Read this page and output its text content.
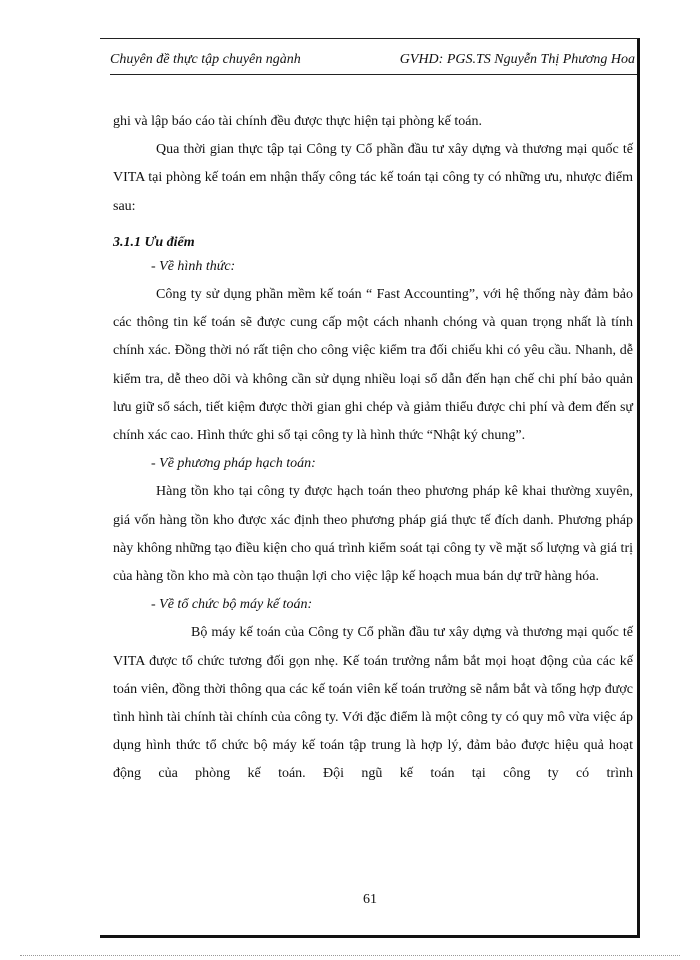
Chuyên đề thực tập chuyên ngành	GVHD: PGS.TS Nguyễn Thị Phương Hoa

ghi và lập báo cáo tài chính đều được thực hiện tại phòng kế toán.

Qua thời gian thực tập tại Công ty Cổ phần đầu tư xây dựng và thương mại quốc tế VITA tại phòng kế toán em nhận thấy công tác kế toán tại công ty có những ưu, nhược điểm sau:

3.1.1 Ưu điểm

- Về hình thức:

Công ty sử dụng phần mềm kế toán “ Fast Accounting”, với hệ thống này đảm bảo các thông tin kế toán sẽ được cung cấp một cách nhanh chóng và quan trọng nhất là tính chính xác. Đồng thời nó rất tiện cho công việc kiểm tra đối chiếu khi có yêu cầu. Nhanh, dễ kiểm tra, dễ theo dõi và không cần sử dụng nhiều loại sổ dẫn đến hạn chế chi phí bảo quản lưu giữ sổ sách, tiết kiệm được thời gian ghi chép và giảm thiểu được chi phí và đem đến sự chính xác cao. Hình thức ghi sổ tại công ty là hình thức “Nhật ký chung”.

- Về phương pháp hạch toán:

Hàng tồn kho tại công ty được hạch toán theo phương pháp kê khai thường xuyên, giá vốn hàng tồn kho được xác định theo phương pháp giá thực tế đích danh. Phương pháp này không những tạo điều kiện cho quá trình kiểm soát tại công ty về mặt số lượng và giá trị của hàng tồn kho mà còn tạo thuận lợi cho việc lập kế hoạch mua bán dự trữ hàng hóa.

- Về tổ chức bộ máy kế toán:

Bộ máy kế toán của Công ty Cổ phần đầu tư xây dựng và thương mại quốc tế VITA được tổ chức tương đối gọn nhẹ. Kế toán trưởng nắm bắt mọi hoạt động của các kế toán viên, đồng thời thông qua các kế toán viên kế toán trưởng sẽ nắm bắt và tổng hợp được tình hình tài chính tài chính của công ty. Với đặc điểm là một công ty có quy mô vừa việc áp dụng hình thức tổ chức bộ máy kế toán tập trung là hợp lý, đảm bảo được hiệu quả hoạt động của phòng kế toán. Đội ngũ kế toán tại công ty có trình

61
